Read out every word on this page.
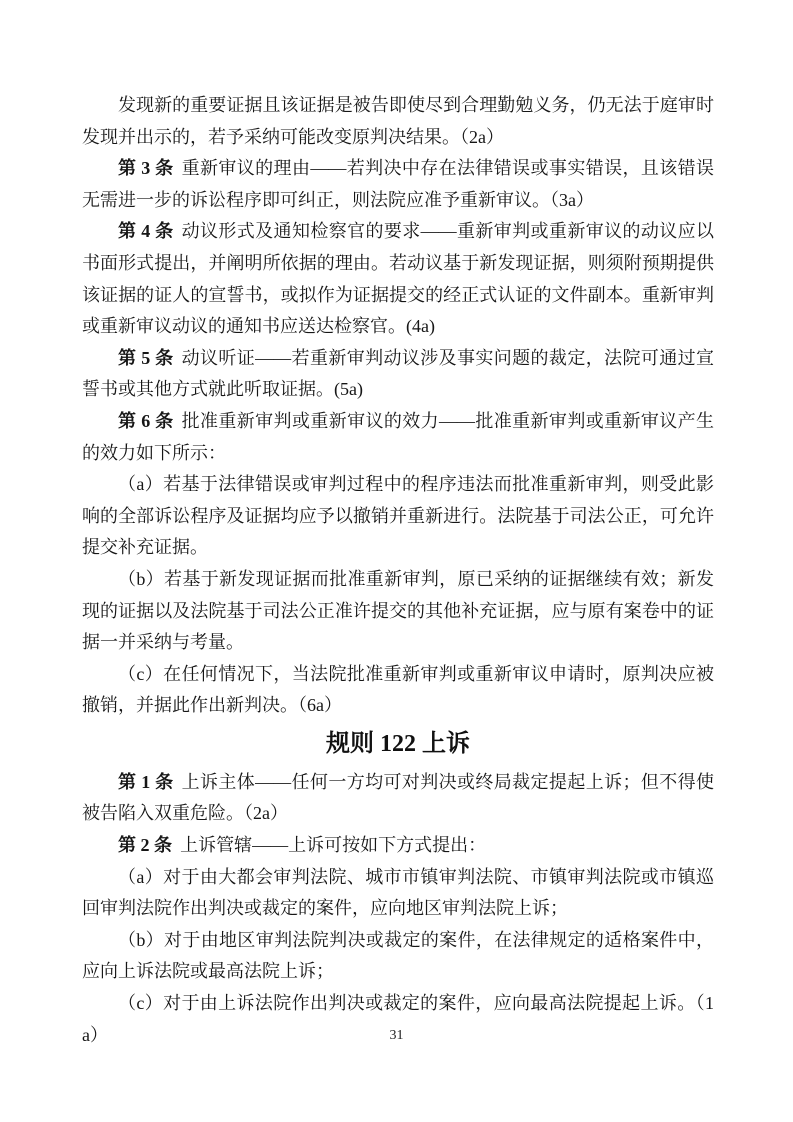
发现新的重要证据且该证据是被告即使尽到合理勤勉义务，仍无法于庭审时发现并出示的，若予采纳可能改变原判决结果。（2a）

第 3 条 重新审议的理由——若判决中存在法律错误或事实错误，且该错误无需进一步的诉讼程序即可纠正，则法院应准予重新审议。（3a）

第 4 条 动议形式及通知检察官的要求——重新审判或重新审议的动议应以书面形式提出，并阐明所依据的理由。若动议基于新发现证据，则须附预期提供该证据的证人的宣誓书，或拟作为证据提交的经正式认证的文件副本。重新审判或重新审议动议的通知书应送达检察官。(4a)

第 5 条 动议听证——若重新审判动议涉及事实问题的裁定，法院可通过宣誓书或其他方式就此听取证据。(5a)

第 6 条 批准重新审判或重新审议的效力——批准重新审判或重新审议产生的效力如下所示：

（a）若基于法律错误或审判过程中的程序违法而批准重新审判，则受此影响的全部诉讼程序及证据均应予以撤销并重新进行。法院基于司法公正，可允许提交补充证据。

（b）若基于新发现证据而批准重新审判，原已采纳的证据继续有效；新发现的证据以及法院基于司法公正准许提交的其他补充证据，应与原有案卷中的证据一并采纳与考量。

（c）在任何情况下，当法院批准重新审判或重新审议申请时，原判决应被撤销，并据此作出新判决。（6a）

规则 122 上诉

第 1 条 上诉主体——任何一方均可对判决或终局裁定提起上诉；但不得使被告陷入双重危险。（2a）

第 2 条 上诉管辖——上诉可按如下方式提出：

（a）对于由大都会审判法院、城市市镇审判法院、市镇审判法院或市镇巡回审判法院作出判决或裁定的案件，应向地区审判法院上诉；

（b）对于由地区审判法院判决或裁定的案件，在法律规定的适格案件中，应向上诉法院或最高法院上诉；

（c）对于由上诉法院作出判决或裁定的案件，应向最高法院提起上诉。（1a）	31
